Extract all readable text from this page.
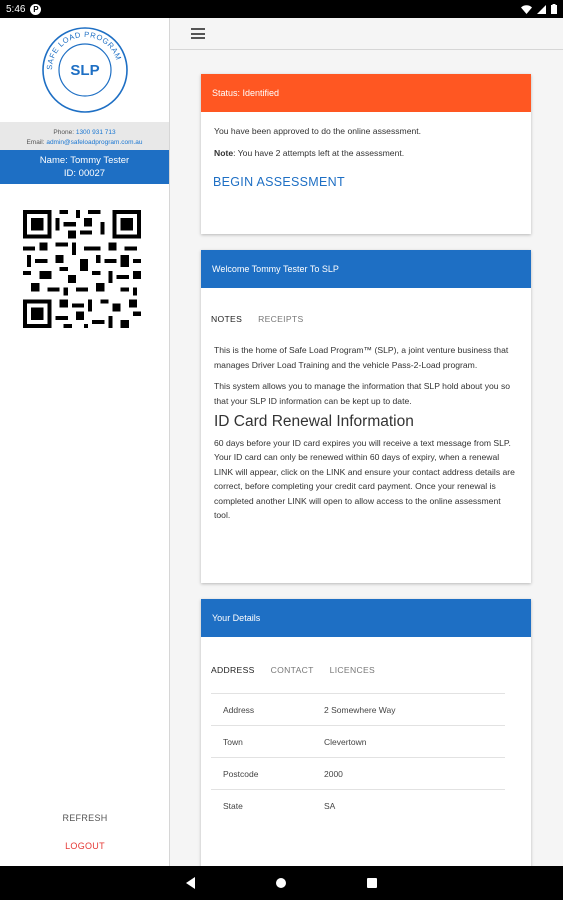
5:46 P
SAFE LOAD PROGRAM
SLP
Phone: 1300 931 713
Email: admin@safeloadprogram.com.au
Name: Tommy Tester
ID: 00027
REFRESH
LOGOUT
Status: Identified

You have been approved to do the online assessment.

Note: You have 2 attempts left at the assessment.

BEGIN ASSESSMENT
Welcome Tommy Tester To SLP
NOTES RECEIPTS

This is the home of Safe Load Program™ (SLP), a joint venture business that manages Driver Load Training and the vehicle Pass-2-Load program.

This system allows you to manage the information that SLP hold about you so that your SLP ID information can be kept up to date.

ID Card Renewal Information

60 days before your ID card expires you will receive a text message from SLP. Your ID card can only be renewed within 60 days of expiry, when a renewal LINK will appear, click on the LINK and ensure your contact address details are correct, before completing your credit card payment. Once your renewal is completed another LINK will open to allow access to the online assessment tool.

Your Details
ADDRESS CONTACT LICENCES
Address	2 Somewhere Way
Town	Clevertown
Postcode	2000
State	SA
